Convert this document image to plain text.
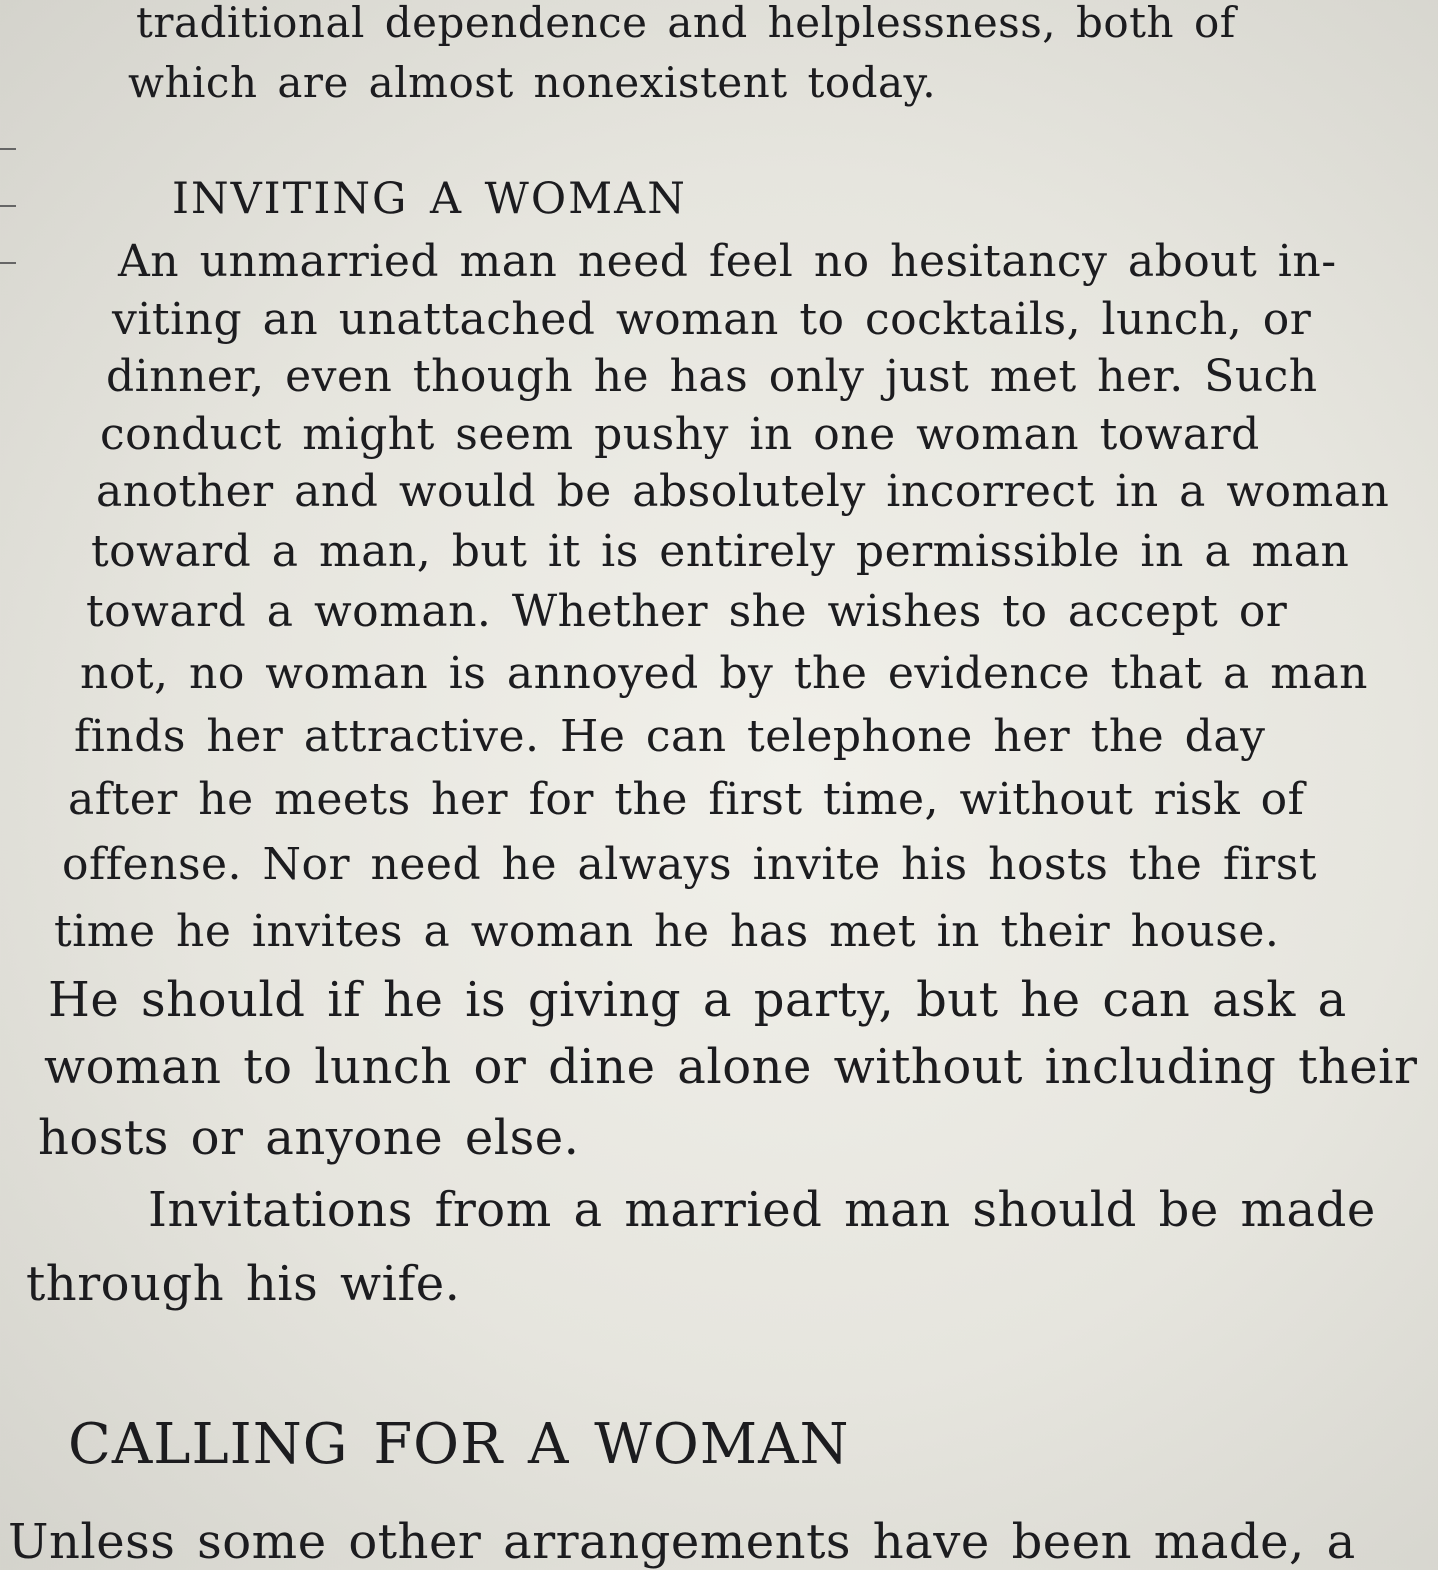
traditional dependence and helplessness, both of

which are almost nonexistent today.

INVITING A WOMAN

An unmarried man need feel no hesitancy about in-

viting an unattached woman to cocktails, lunch, or

dinner, even though he has only just met her. Such

conduct might seem pushy in one woman toward

another and would be absolutely incorrect in a woman

toward a man, but it is entirely permissible in a man

toward a woman. Whether she wishes to accept or

not, no woman is annoyed by the evidence that a man

finds her attractive. He can telephone her the day

after he meets her for the first time, without risk of

offense. Nor need he always invite his hosts the first

time he invites a woman he has met in their house.

He should if he is giving a party, but he can ask a

woman to lunch or dine alone without including their

hosts or anyone else.

Invitations from a married man should be made

through his wife.

CALLING FOR A WOMAN

Unless some other arrangements have been made, a
